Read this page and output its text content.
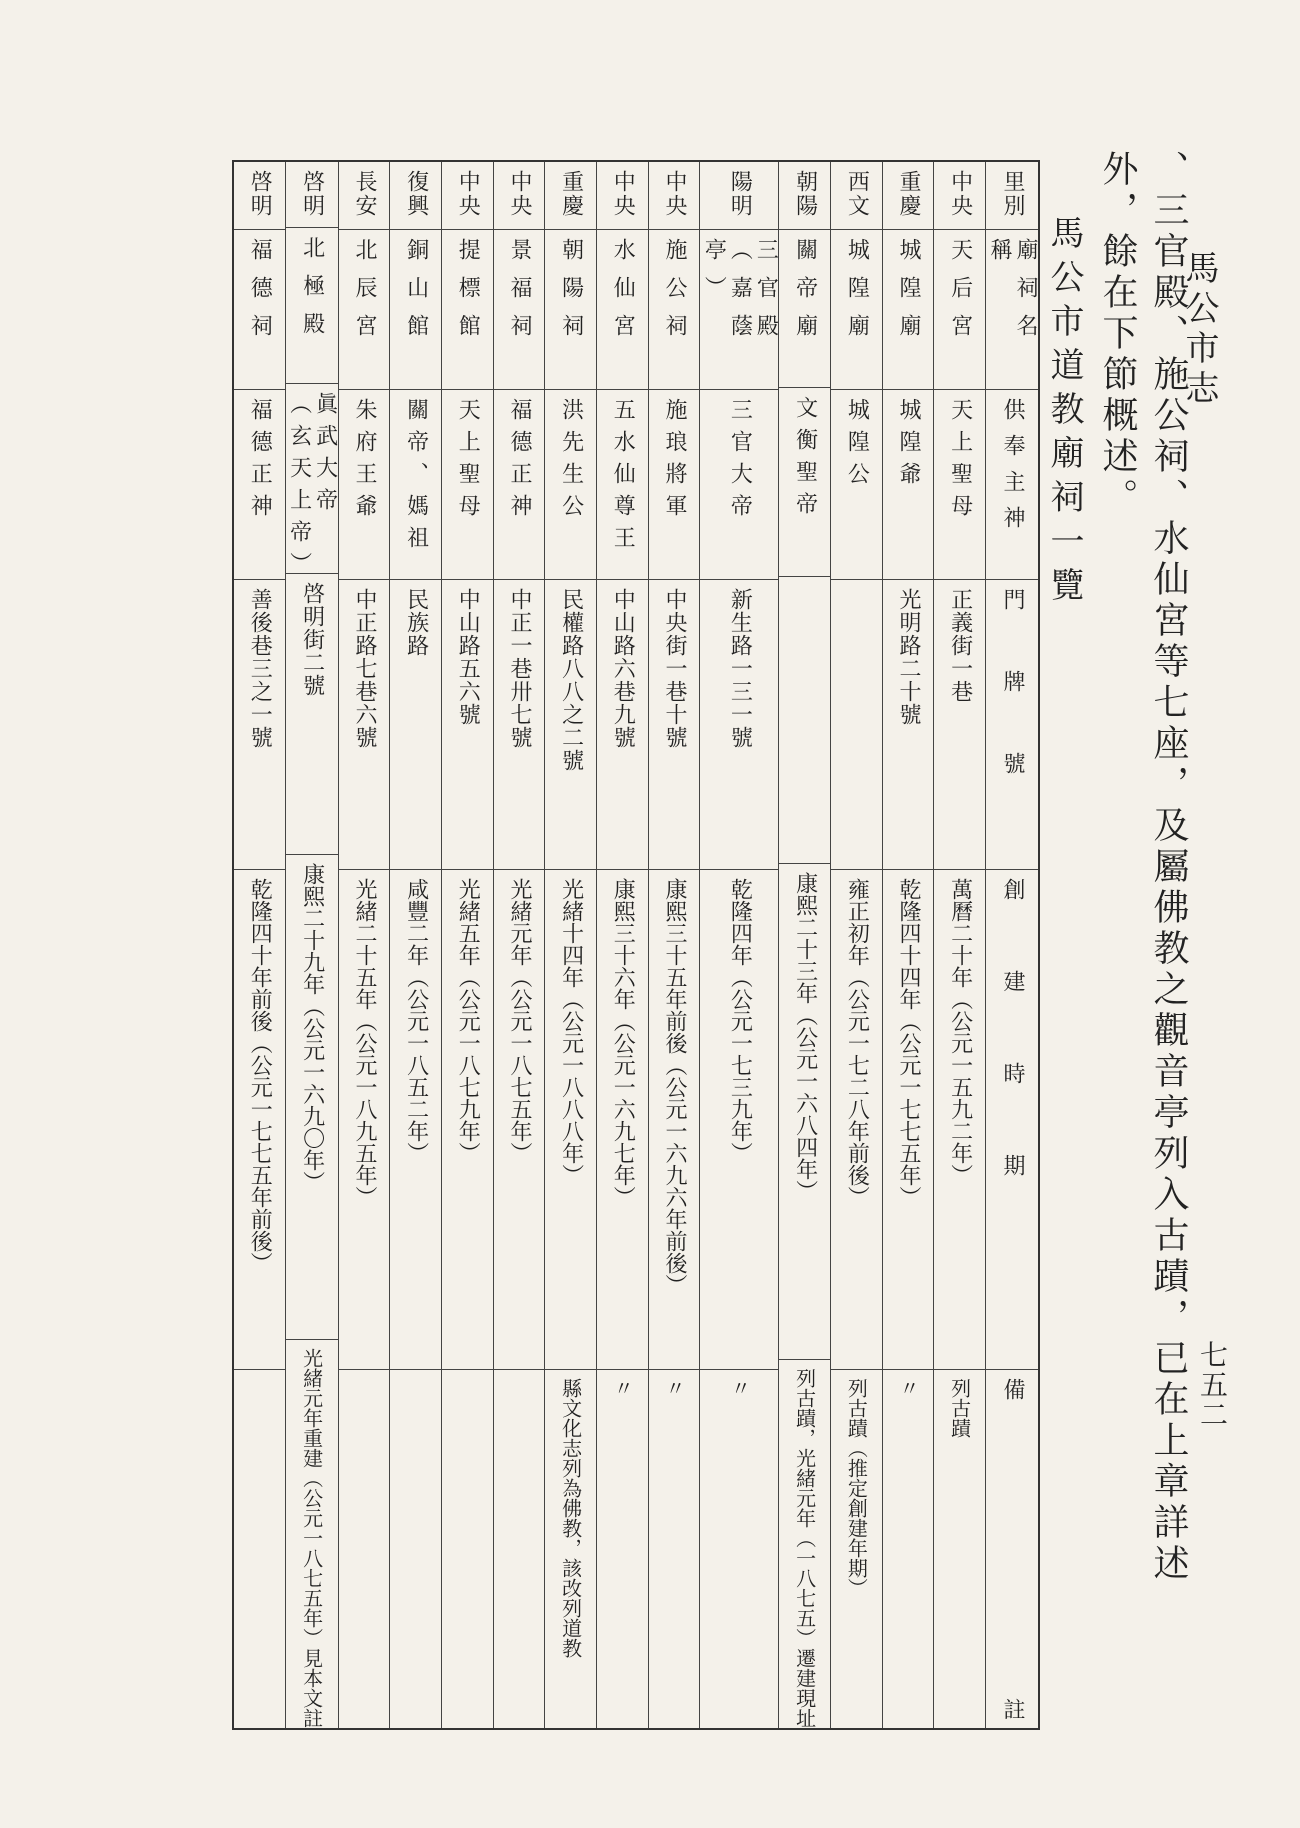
馬公市志
七五二
、三官殿、施公祠、水仙宮等七座，及屬佛教之觀音亭列入古蹟，已在上章詳述外，餘在下節概述。
馬公市道教廟祠一覽
里別
廟祠名稱
供奉主神
門牌號
創建時期
備
註
中央
天后宮
天上聖母
正義街一巷
萬曆二十年（公元一五九二年）
列古蹟
重慶
城隍廟
城隍爺
光明路二十號
乾隆四十四年（公元一七七五年）
〃
西文
城隍廟
城隍公
雍正初年（公元一七二八年前後）
列古蹟（推定創建年期）
朝陽
關帝廟
文衡聖帝
康熙二十三年（公元一六八四年）
列古蹟，光緒元年（一八七五）遷建現址
陽明
三官殿（嘉蔭亭）
三官大帝
新生路一三一號
乾隆四年（公元一七三九年）
〃
中央
施公祠
施琅將軍
中央街一巷十號
康熙三十五年前後（公元一六九六年前後）
〃
中央
水仙宮
五水仙尊王
中山路六巷九號
康熙三十六年（公元一六九七年）
〃
重慶
朝陽祠
洪先生公
民權路八八之二號
光緒十四年（公元一八八八年）
縣文化志列為佛教，該改列道教
中央
景福祠
福德正神
中正一巷卅七號
光緒元年（公元一八七五年）
中央
提標館
天上聖母
中山路五六號
光緒五年（公元一八七九年）
復興
銅山館
關帝、媽祖
民族路
咸豐二年（公元一八五二年）
長安
北辰宮
朱府王爺
中正路七巷六號
光緒二十五年（公元一八九五年）
啓明
北極殿
眞武大帝（玄天上帝）
啓明街二號
康熙二十九年（公元一六九〇年）
光緒元年重建（公元一八七五年）見本文註
啓明
福德祠
福德正神
善後巷三之一號
乾隆四十年前後（公元一七七五年前後）
